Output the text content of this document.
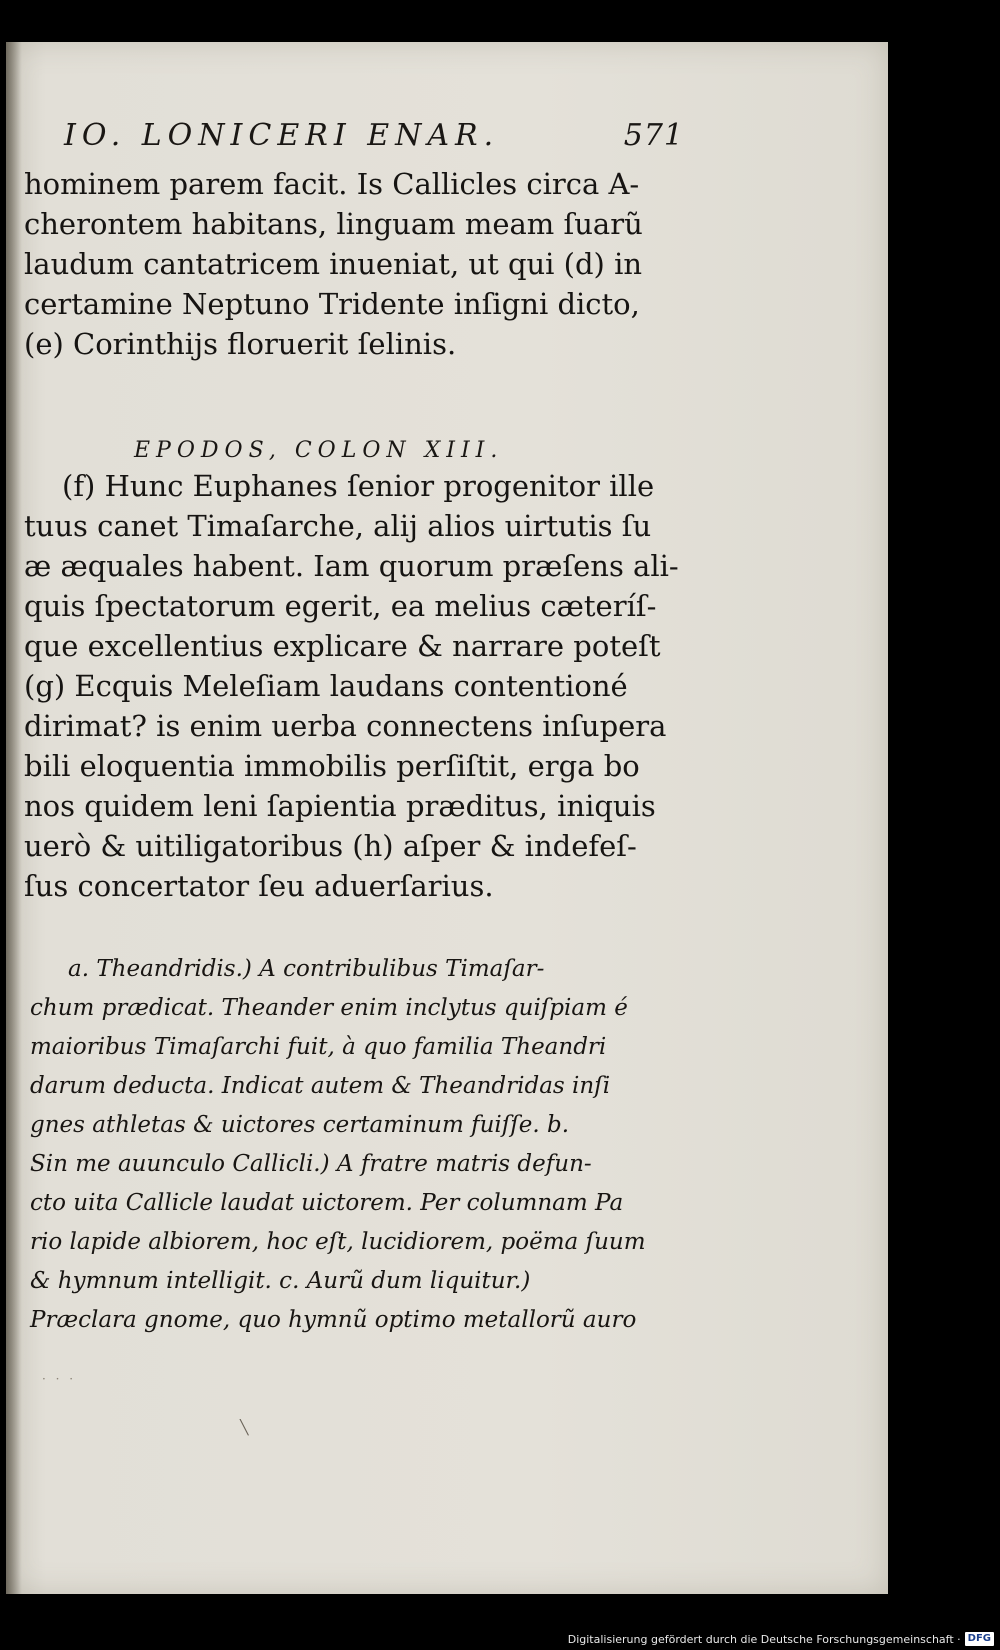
IO. LONICERI ENAR.	571
hominem parem facit. Is Callicles circa A-
cherontem habitans, linguam meam ſuarũ
laudum cantatricem inueniat, ut qui (d) in
certamine Neptuno Tridente inſigni dicto,
(e) Corinthijs floruerit ſelinis.
EPODOS, COLON XIII.
(f) Hunc Euphanes ſenior progenitor ille
tuus canet Timaſarche, alij alios uirtutis ſu
æ æquales habent. Iam quorum præſens ali-
quis ſpectatorum egerit, ea melius cæteríſ-
que excellentius explicare & narrare poteſt
(g) Ecquis Meleſiam laudans contentioné
dirimat? is enim uerba connectens inſupera
bili eloquentia immobilis perſiſtit, erga bo
nos quidem leni ſapientia præditus, iniquis
uerò & uitiligatoribus (h) aſper & indefeſ-
ſus concertator ſeu aduerſarius.
a. Theandridis.) A contribulibus Timaſar-
chum prædicat. Theander enim inclytus quiſpiam é
maioribus Timaſarchi fuit, à quo familia Theandri
darum deducta. Indicat autem & Theandridas inſi
gnes athletas & uictores certaminum fuiſſe. b.
Sin me auunculo Callicli.) A fratre matris defun-
cto uita Callicle laudat uictorem. Per columnam Pa
rio lapide albiorem, hoc eſt, lucidiorem, poëma ſuum
& hymnum intelligit. c. Aurũ dum liquitur.)
Præclara gnome, quo hymnũ optimo metallorũ auro
· · ·
╲
Digitalisierung gefördert durch die Deutsche Forschungsgemeinschaft · DFG
